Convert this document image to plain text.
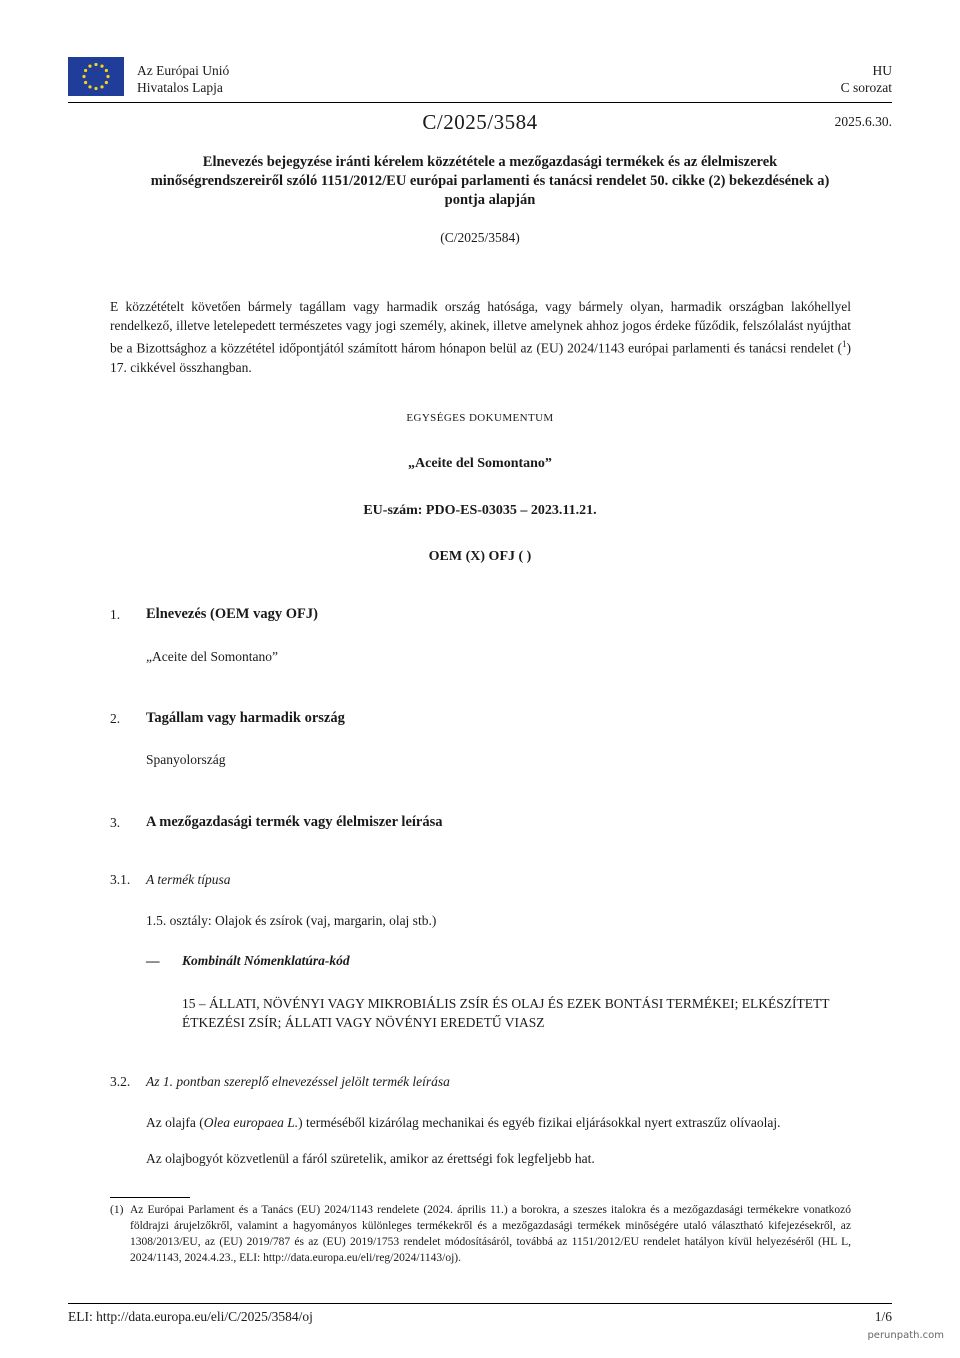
Az Európai Unió
Hivatalos Lapja
HU
C sorozat
C/2025/3584	2025.6.30.
Elnevezés bejegyzése iránti kérelem közzététele a mezőgazdasági termékek és az élelmiszerek minőségrendszereiről szóló 1151/2012/EU európai parlamenti és tanácsi rendelet 50. cikke (2) bekezdésének a) pontja alapján
(C/2025/3584)
E közzétételt követően bármely tagállam vagy harmadik ország hatósága, vagy bármely olyan, harmadik országban lakóhellyel rendelkező, illetve letelepedett természetes vagy jogi személy, akinek, illetve amelynek ahhoz jogos érdeke fűződik, felszólalást nyújthat be a Bizottsághoz a közzététel időpontjától számított három hónapon belül az (EU) 2024/1143 európai parlamenti és tanácsi rendelet ($^1$) 17. cikkével összhangban.
EGYSÉGES DOKUMENTUM
„Aceite del Somontano”
EU-szám: PDO-ES-03035 – 2023.11.21.
OEM (X) OFJ ( )
1. Elnevezés (OEM vagy OFJ)
„Aceite del Somontano”
2. Tagállam vagy harmadik ország
Spanyolország
3. A mezőgazdasági termék vagy élelmiszer leírása
3.1. A termék típusa
1.5. osztály: Olajok és zsírok (vaj, margarin, olaj stb.)
— Kombinált Nómenklatúra-kód
15 – ÁLLATI, NÖVÉNYI VAGY MIKROBIÁLIS ZSÍR ÉS OLAJ ÉS EZEK BONTÁSI TERMÉKEI; ELKÉSZÍTETT ÉTKEZÉSI ZSÍR; ÁLLATI VAGY NÖVÉNYI EREDETŰ VIASZ
3.2. Az 1. pontban szereplő elnevezéssel jelölt termék leírása
Az olajfa (Olea europaea L.) terméséből kizárólag mechanikai és egyéb fizikai eljárásokkal nyert extraszűz olívaolaj.
Az olajbogyót közvetlenül a fáról szüretelik, amikor az érettségi fok legfeljebb hat.
(1) Az Európai Parlament és a Tanács (EU) 2024/1143 rendelete (2024. április 11.) a borokra, a szeszes italokra és a mezőgazdasági termékekre vonatkozó földrajzi árujelzőkről, valamint a hagyományos különleges termékekről és a mezőgazdasági termékek minőségére utaló választható kifejezésekről, az 1308/2013/EU, az (EU) 2019/787 és az (EU) 2019/1753 rendelet módosításáról, továbbá az 1151/2012/EU rendelet hatályon kívül helyezéséről (HL L, 2024/1143, 2024.4.23., ELI: http://data.europa.eu/eli/reg/2024/1143/oj).
ELI: http://data.europa.eu/eli/C/2025/3584/oj	1/6
perunpath.com
